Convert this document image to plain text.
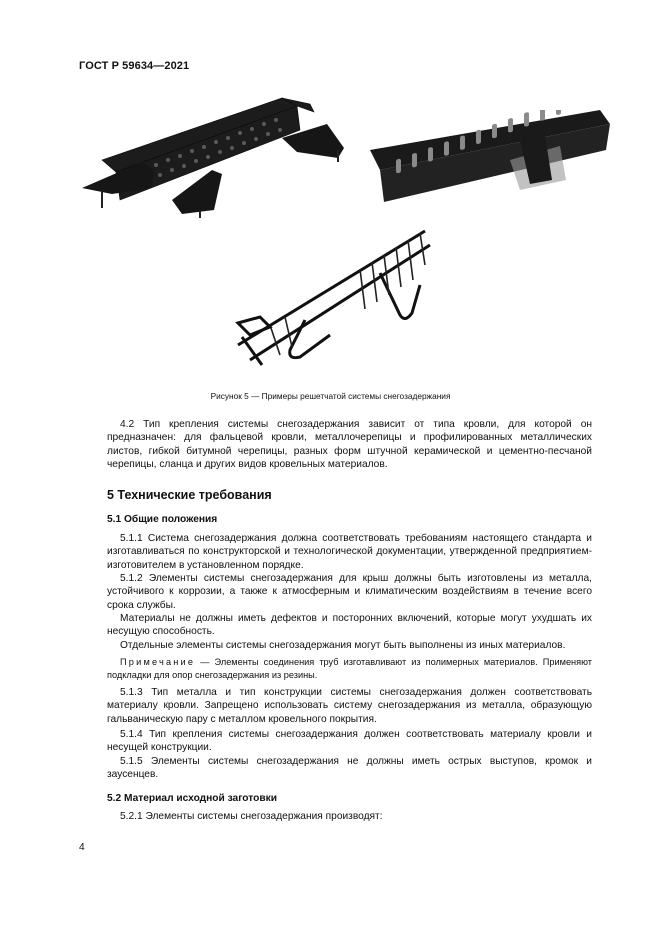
ГОСТ Р 59634—2021
Рисунок 5 — Примеры решетчатой системы снегозадержания

4.2 Тип крепления системы снегозадержания зависит от типа кровли, для которой он предназначен: для фальцевой кровли, металлочерепицы и профилированных металлических листов, гибкой битумной черепицы, разных форм штучной керамической и цементно-песчаной черепицы, сланца и других видов кровельных материалов.

5 Технические требования
5.1 Общие положения

5.1.1 Система снегозадержания должна соответствовать требованиям настоящего стандарта и изготавливаться по конструкторской и технологической документации, утвержденной предприятием-изготовителем в установленном порядке.

5.1.2 Элементы системы снегозадержания для крыш должны быть изготовлены из металла, устойчивого к коррозии, а также к атмосферным и климатическим воздействиям в течение всего срока службы.

Материалы не должны иметь дефектов и посторонних включений, которые могут ухудшать их несущую способность.

Отдельные элементы системы снегозадержания могут быть выполнены из иных материалов.

Примечание — Элементы соединения труб изготавливают из полимерных материалов. Применяют подкладки для опор снегозадержания из резины.

5.1.3 Тип металла и тип конструкции системы снегозадержания должен соответствовать материалу кровли. Запрещено использовать систему снегозадержания из металла, образующую гальваническую пару с металлом кровельного покрытия.

5.1.4 Тип крепления системы снегозадержания должен соответствовать материалу кровли и несущей конструкции.

5.1.5 Элементы системы снегозадержания не должны иметь острых выступов, кромок и заусенцев.

5.2 Материал исходной заготовки

5.2.1 Элементы системы снегозадержания производят:

4
